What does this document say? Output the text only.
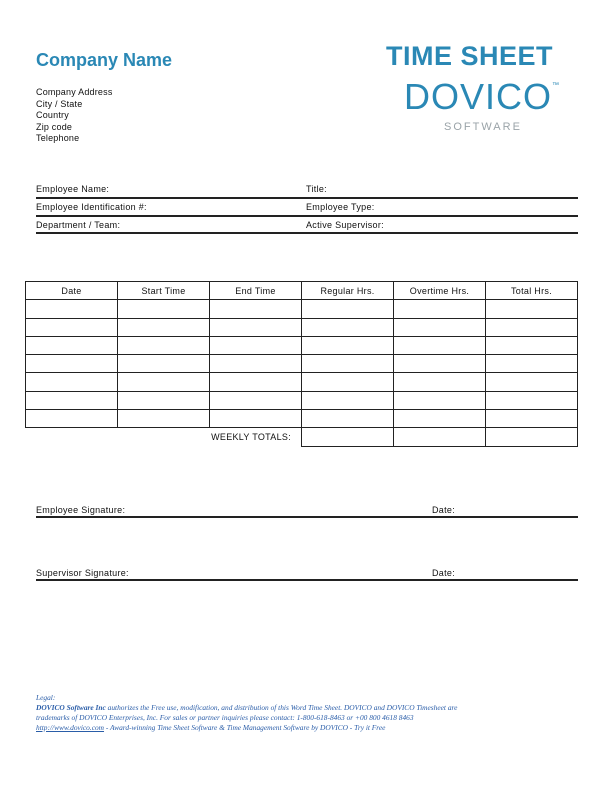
Company Name
Company Address
City / State
Country
Zip code
Telephone
TIME SHEET
DOVICO™
SOFTWARE
Employee Name:	Title:
Employee Identification #:	Employee Type:
Department / Team:	Active Supervisor:
Date	Start Time	End Time	Regular Hrs.	Overtime Hrs.	Total Hrs.

WEEKLY TOTALS:					
Employee Signature:	Date:
Supervisor Signature:	Date:
Legal:
DOVICO Software Inc authorizes the Free use, modification, and distribution of this Word Time Sheet. DOVICO and DOVICO Timesheet are
trademarks of DOVICO Enterprises, Inc. For sales or partner inquiries please contact: 1-800-618-8463 or +00 800 4618 8463
http://www.dovico.com - Award-winning Time Sheet Software & Time Management Software by DOVICO - Try it Free
